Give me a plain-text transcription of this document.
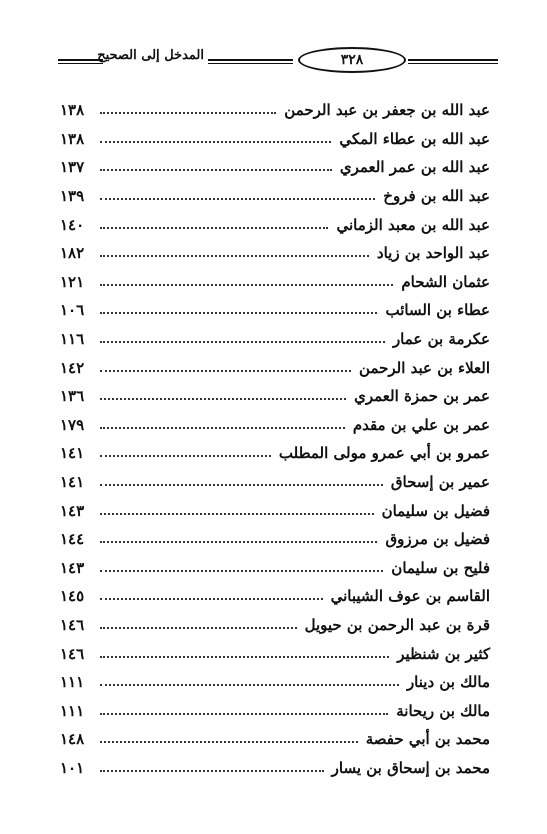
المدخل إلى الصحيح	٣٢٨
عبد الله بن جعفر بن عبد الرحمن
١٣٨
عبد الله بن عطاء المكي
١٣٨
عبد الله بن عمر العمري
١٣٧
عبد الله بن فروخ
١٣٩
عبد الله بن معبد الزماني
١٤٠
عبد الواحد بن زياد
١٨٢
عثمان الشحام
١٢١
عطاء بن السائب
١٠٦
عكرمة بن عمار
١١٦
العلاء بن عبد الرحمن
١٤٢
عمر بن حمزة العمري
١٣٦
عمر بن علي بن مقدم
١٧٩
عمرو بن أبي عمرو مولى المطلب
١٤١
عمير بن إسحاق
١٤١
فضيل بن سليمان
١٤٣
فضيل بن مرزوق
١٤٤
فليح بن سليمان
١٤٣
القاسم بن عوف الشيباني
١٤٥
قرة بن عبد الرحمن بن حيويل
١٤٦
كثير بن شنظير
١٤٦
مالك بن دينار
١١١
مالك بن ريحانة
١١١
محمد بن أبي حفصة
١٤٨
محمد بن إسحاق بن يسار
١٠١
